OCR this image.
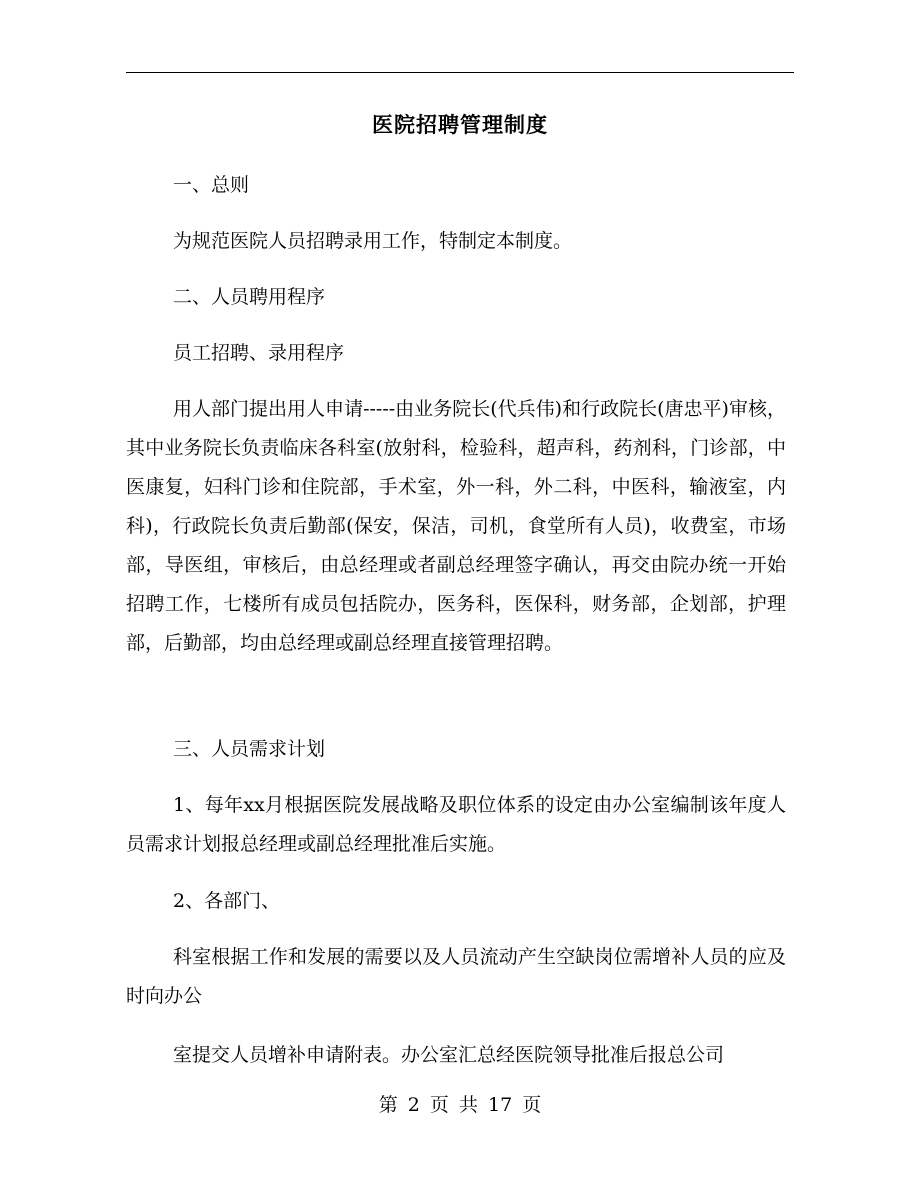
医院招聘管理制度

一、总则

为规范医院人员招聘录用工作，特制定本制度。

二、人员聘用程序

员工招聘、录用程序

用人部门提出用人申请-----由业务院长(代兵伟)和行政院长(唐忠平)审核，其中业务院长负责临床各科室(放射科，检验科，超声科，药剂科，门诊部，中医康复，妇科门诊和住院部，手术室，外一科，外二科，中医科，输液室，内科)，行政院长负责后勤部(保安，保洁，司机，食堂所有人员)，收费室，市场部，导医组，审核后，由总经理或者副总经理签字确认，再交由院办统一开始招聘工作，七楼所有成员包括院办，医务科，医保科，财务部，企划部，护理部，后勤部，均由总经理或副总经理直接管理招聘。

三、人员需求计划

1、每年xx月根据医院发展战略及职位体系的设定由办公室编制该年度人员需求计划报总经理或副总经理批准后实施。

2、各部门、

科室根据工作和发展的需要以及人员流动产生空缺岗位需增补人员的应及时向办公

室提交人员增补申请附表。办公室汇总经医院领导批准后报总公司

第 2 页 共 17 页
